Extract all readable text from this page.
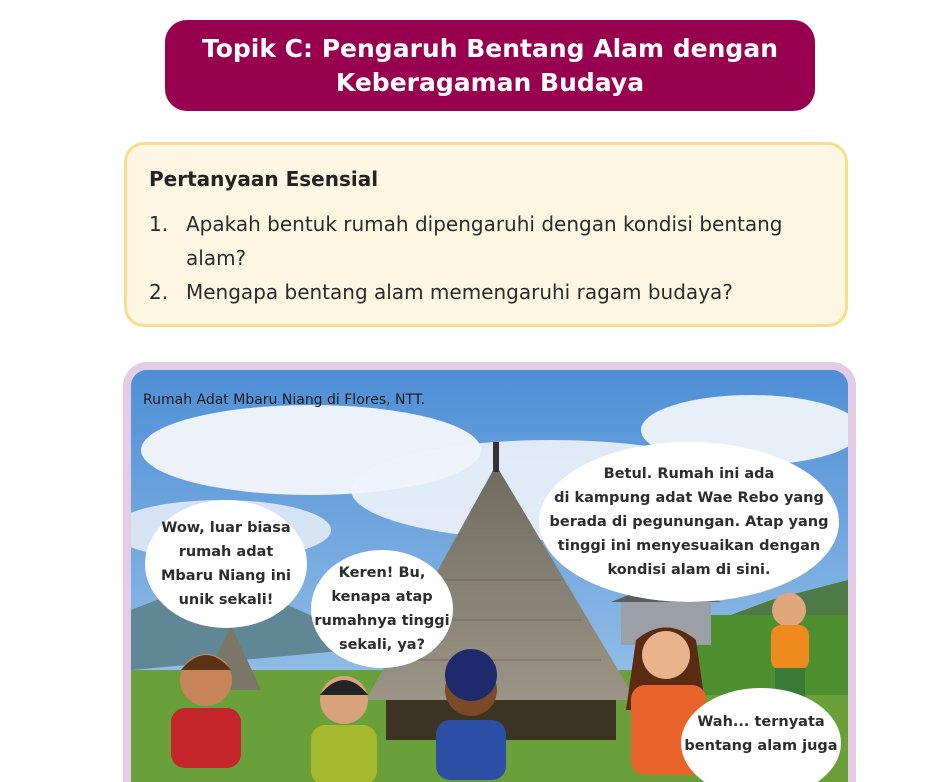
Topik C: Pengaruh Bentang Alam dengan
Keberagaman Budaya
Pertanyaan Esensial
1. Apakah bentuk rumah dipengaruhi dengan kondisi bentang
alam?
2. Mengapa bentang alam memengaruhi ragam budaya?
Rumah Adat Mbaru Niang di Flores, NTT.
Wow, luar biasa
rumah adat
Mbaru Niang ini
unik sekali!
Keren! Bu,
kenapa atap
rumahnya tinggi
sekali, ya?
Betul. Rumah ini ada
di kampung adat Wae Rebo yang
berada di pegunungan. Atap yang
tinggi ini menyesuaikan dengan
kondisi alam di sini.
Wah... ternyata
bentang alam juga
